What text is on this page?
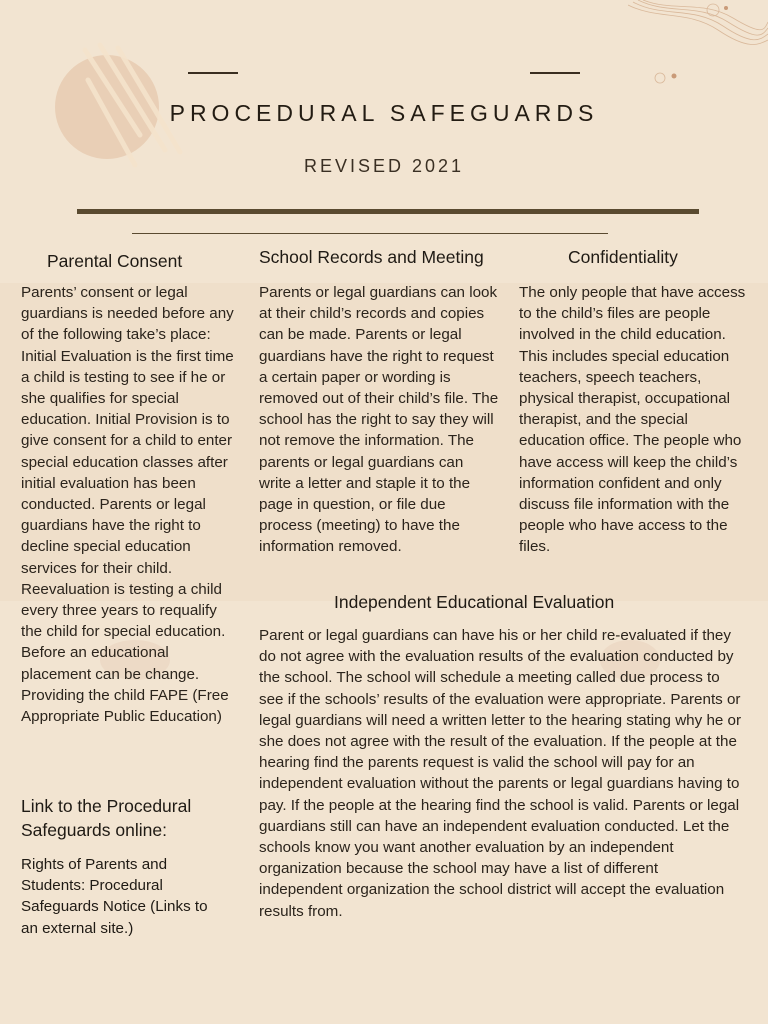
PROCEDURAL SAFEGUARDS
REVISED 2021
Parental Consent
Parents’ consent or legal guardians is needed before any of the following take’s place: Initial Evaluation is the first time a child is testing to see if he or she qualifies for special education. Initial Provision is to give consent for a child to enter special education classes after initial evaluation has been conducted. Parents or legal guardians have the right to decline special education services for their child. Reevaluation is testing a child every three years to requalify the child for special education. Before an educational placement can be change. Providing the child FAPE (Free Appropriate Public Education)
School Records and Meeting
Parents or legal guardians can look at their child’s records and copies can be made. Parents or legal guardians have the right to request a certain paper or wording is removed out of their child’s file. The school has the right to say they will not remove the information. The parents or legal guardians can write a letter and staple it to the page in question, or file due process (meeting) to have the information removed.
Confidentiality
The only people that have access to the child’s files are people involved in the child education. This includes special education teachers, speech teachers, physical therapist, occupational therapist, and the special education office. The people who have access will keep the child’s information confident and only discuss file information with the people who have access to the files.
Independent Educational Evaluation
Parent or legal guardians can have his or her child re-evaluated if they do not agree with the evaluation results of the evaluation conducted by the school. The school will schedule a meeting called due process to see if the schools’ results of the evaluation were appropriate. Parents or legal guardians will need a written letter to the hearing stating why he or she does not agree with the result of the evaluation. If the people at the hearing find the parents request is valid the school will pay for an independent evaluation without the parents or legal guardians having to pay. If the people at the hearing find the school is valid. Parents or legal guardians still can have an independent evaluation conducted. Let the schools know you want another evaluation by an independent organization because the school may have a list of different independent organization the school district will accept the evaluation results from.
Link to the Procedural Safeguards online:
Rights of Parents and Students: Procedural Safeguards Notice (Links to an external site.)
